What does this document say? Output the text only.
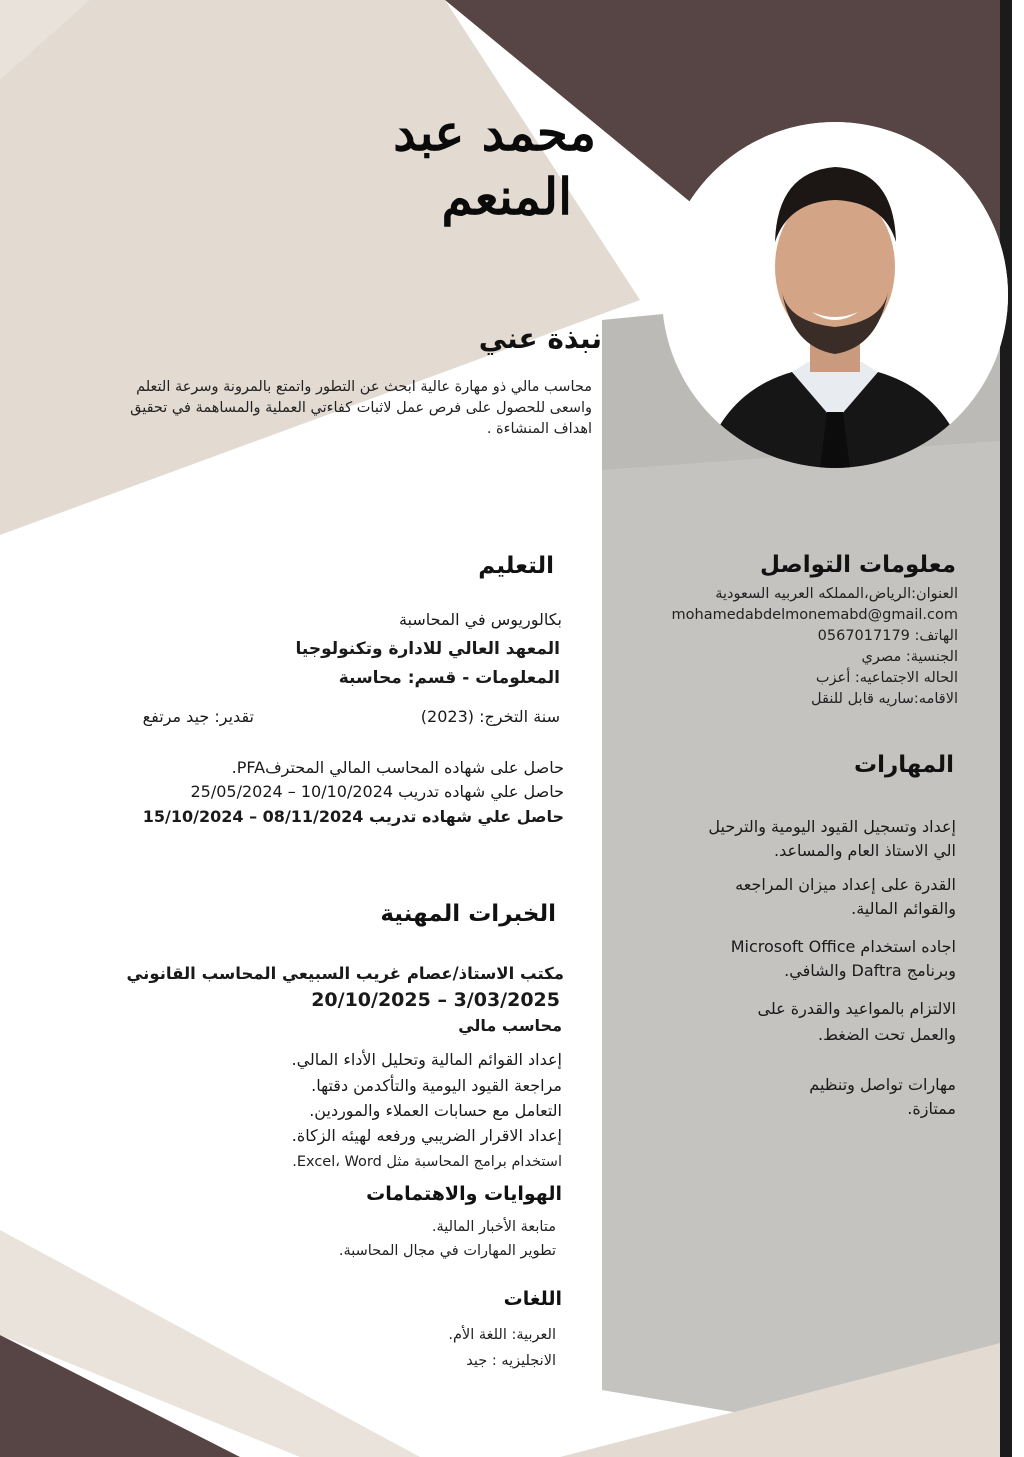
محمد عبد
المنعم
نبذة عني
محاسب مالي ذو مهارة عالية ابحث عن التطور واتمتع بالمرونة وسرعة التعلم
واسعى للحصول على فرص عمل لاثبات كفاءتي العملية والمساهمة في تحقيق
اهداف المنشاءة .
معلومات التواصل
العنوان:الرياض،المملكه العربيه السعودية
mohamedabdelmonemabd@gmail.com
الهاتف: 0567017179
الجنسية: مصري
الحاله الاجتماعيه: أعزب
الاقامه:ساريه قابل للنقل
المهارات
إعداد وتسجيل القيود اليومية والترحيل
الي الاستاذ العام والمساعد.
القدرة على إعداد ميزان المراجعه
والقوائم المالية.
اجاده استخدام Microsoft Office
وبرنامج Daftra والشافي.
الالتزام بالمواعيد والقدرة على
والعمل تحت الضغط.
مهارات تواصل وتنظيم
ممتازة.
التعليم
بكالوريوس في المحاسبة
المعهد العالي للادارة وتكنولوجيا
المعلومات - قسم: محاسبة
سنة التخرج: (2023)
تقدير: جيد مرتفع
حاصل على شهاده المحاسب المالي المحترفPFA.
حاصل علي شهاده تدريب 10/10/2024 – 25/05/2024
حاصل علي شهاده تدريب 08/11/2024 – 15/10/2024
الخبرات المهنية
مكتب الاستاذ/عصام غريب السبيعي المحاسب القانوني
20/10/2025 – 3/03/2025
محاسب مالي
إعداد القوائم المالية وتحليل الأداء المالي.
مراجعة القيود اليومية والتأكدمن دقتها.
التعامل مع حسابات العملاء والموردين.
إعداد الاقرار الضريبي ورفعه لهيئه الزكاة.
استخدام برامج المحاسبة مثل Excel، Word.
الهوايات والاهتمامات
متابعة الأخبار المالية.
تطوير المهارات في مجال المحاسبة.
اللغات
العربية: اللغة الأم.
الانجليزيه : جيد
